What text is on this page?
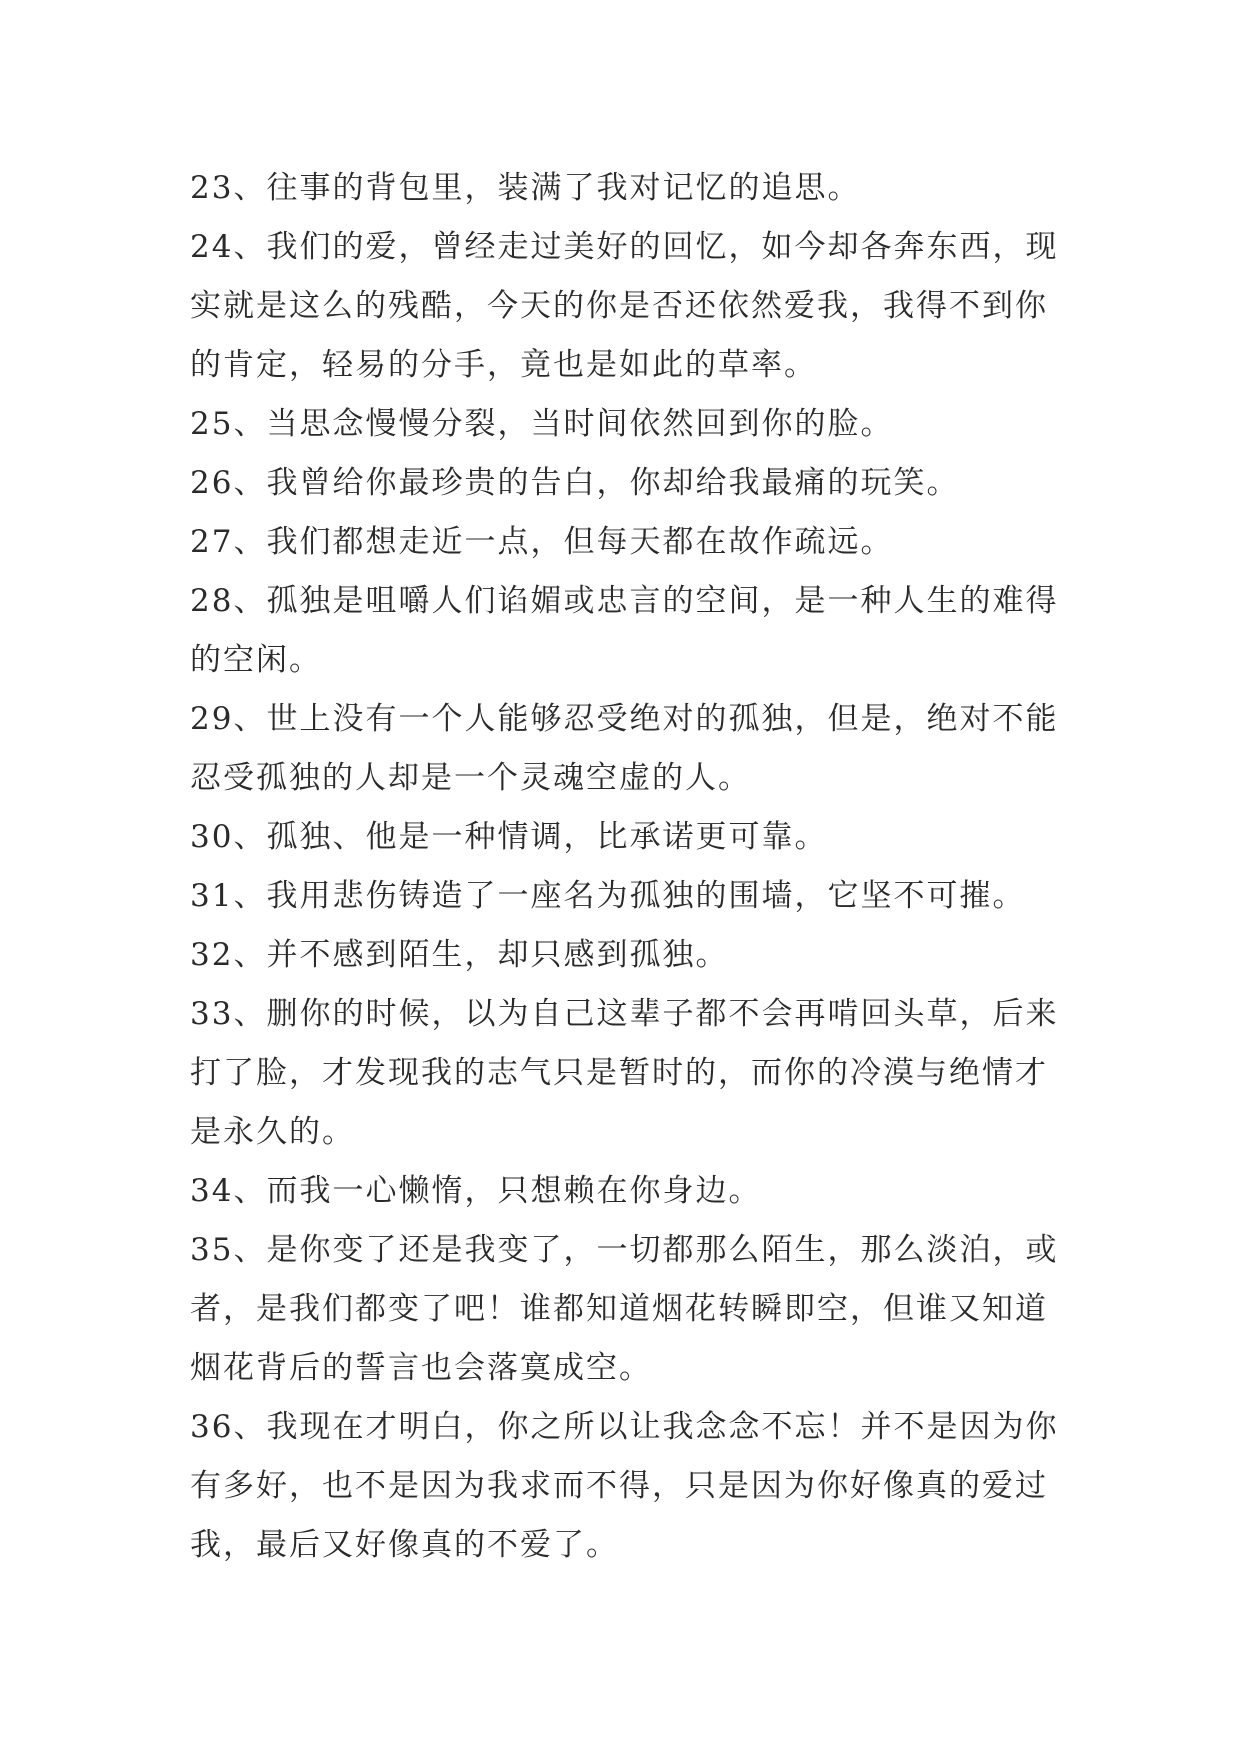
23、往事的背包里，装满了我对记忆的追思。
24、我们的爱，曾经走过美好的回忆，如今却各奔东西，现
实就是这么的残酷，今天的你是否还依然爱我，我得不到你
的肯定，轻易的分手，竟也是如此的草率。
25、当思念慢慢分裂，当时间依然回到你的脸。
26、我曾给你最珍贵的告白，你却给我最痛的玩笑。
27、我们都想走近一点，但每天都在故作疏远。
28、孤独是咀嚼人们谄媚或忠言的空间，是一种人生的难得
的空闲。
29、世上没有一个人能够忍受绝对的孤独，但是，绝对不能
忍受孤独的人却是一个灵魂空虚的人。
30、孤独、他是一种情调，比承诺更可靠。
31、我用悲伤铸造了一座名为孤独的围墙，它坚不可摧。
32、并不感到陌生，却只感到孤独。
33、删你的时候，以为自己这辈子都不会再啃回头草，后来
打了脸，才发现我的志气只是暂时的，而你的冷漠与绝情才
是永久的。
34、而我一心懒惰，只想赖在你身边。
35、是你变了还是我变了，一切都那么陌生，那么淡泊，或
者，是我们都变了吧！谁都知道烟花转瞬即空，但谁又知道
烟花背后的誓言也会落寞成空。
36、我现在才明白，你之所以让我念念不忘！并不是因为你
有多好，也不是因为我求而不得，只是因为你好像真的爱过
我，最后又好像真的不爱了。
